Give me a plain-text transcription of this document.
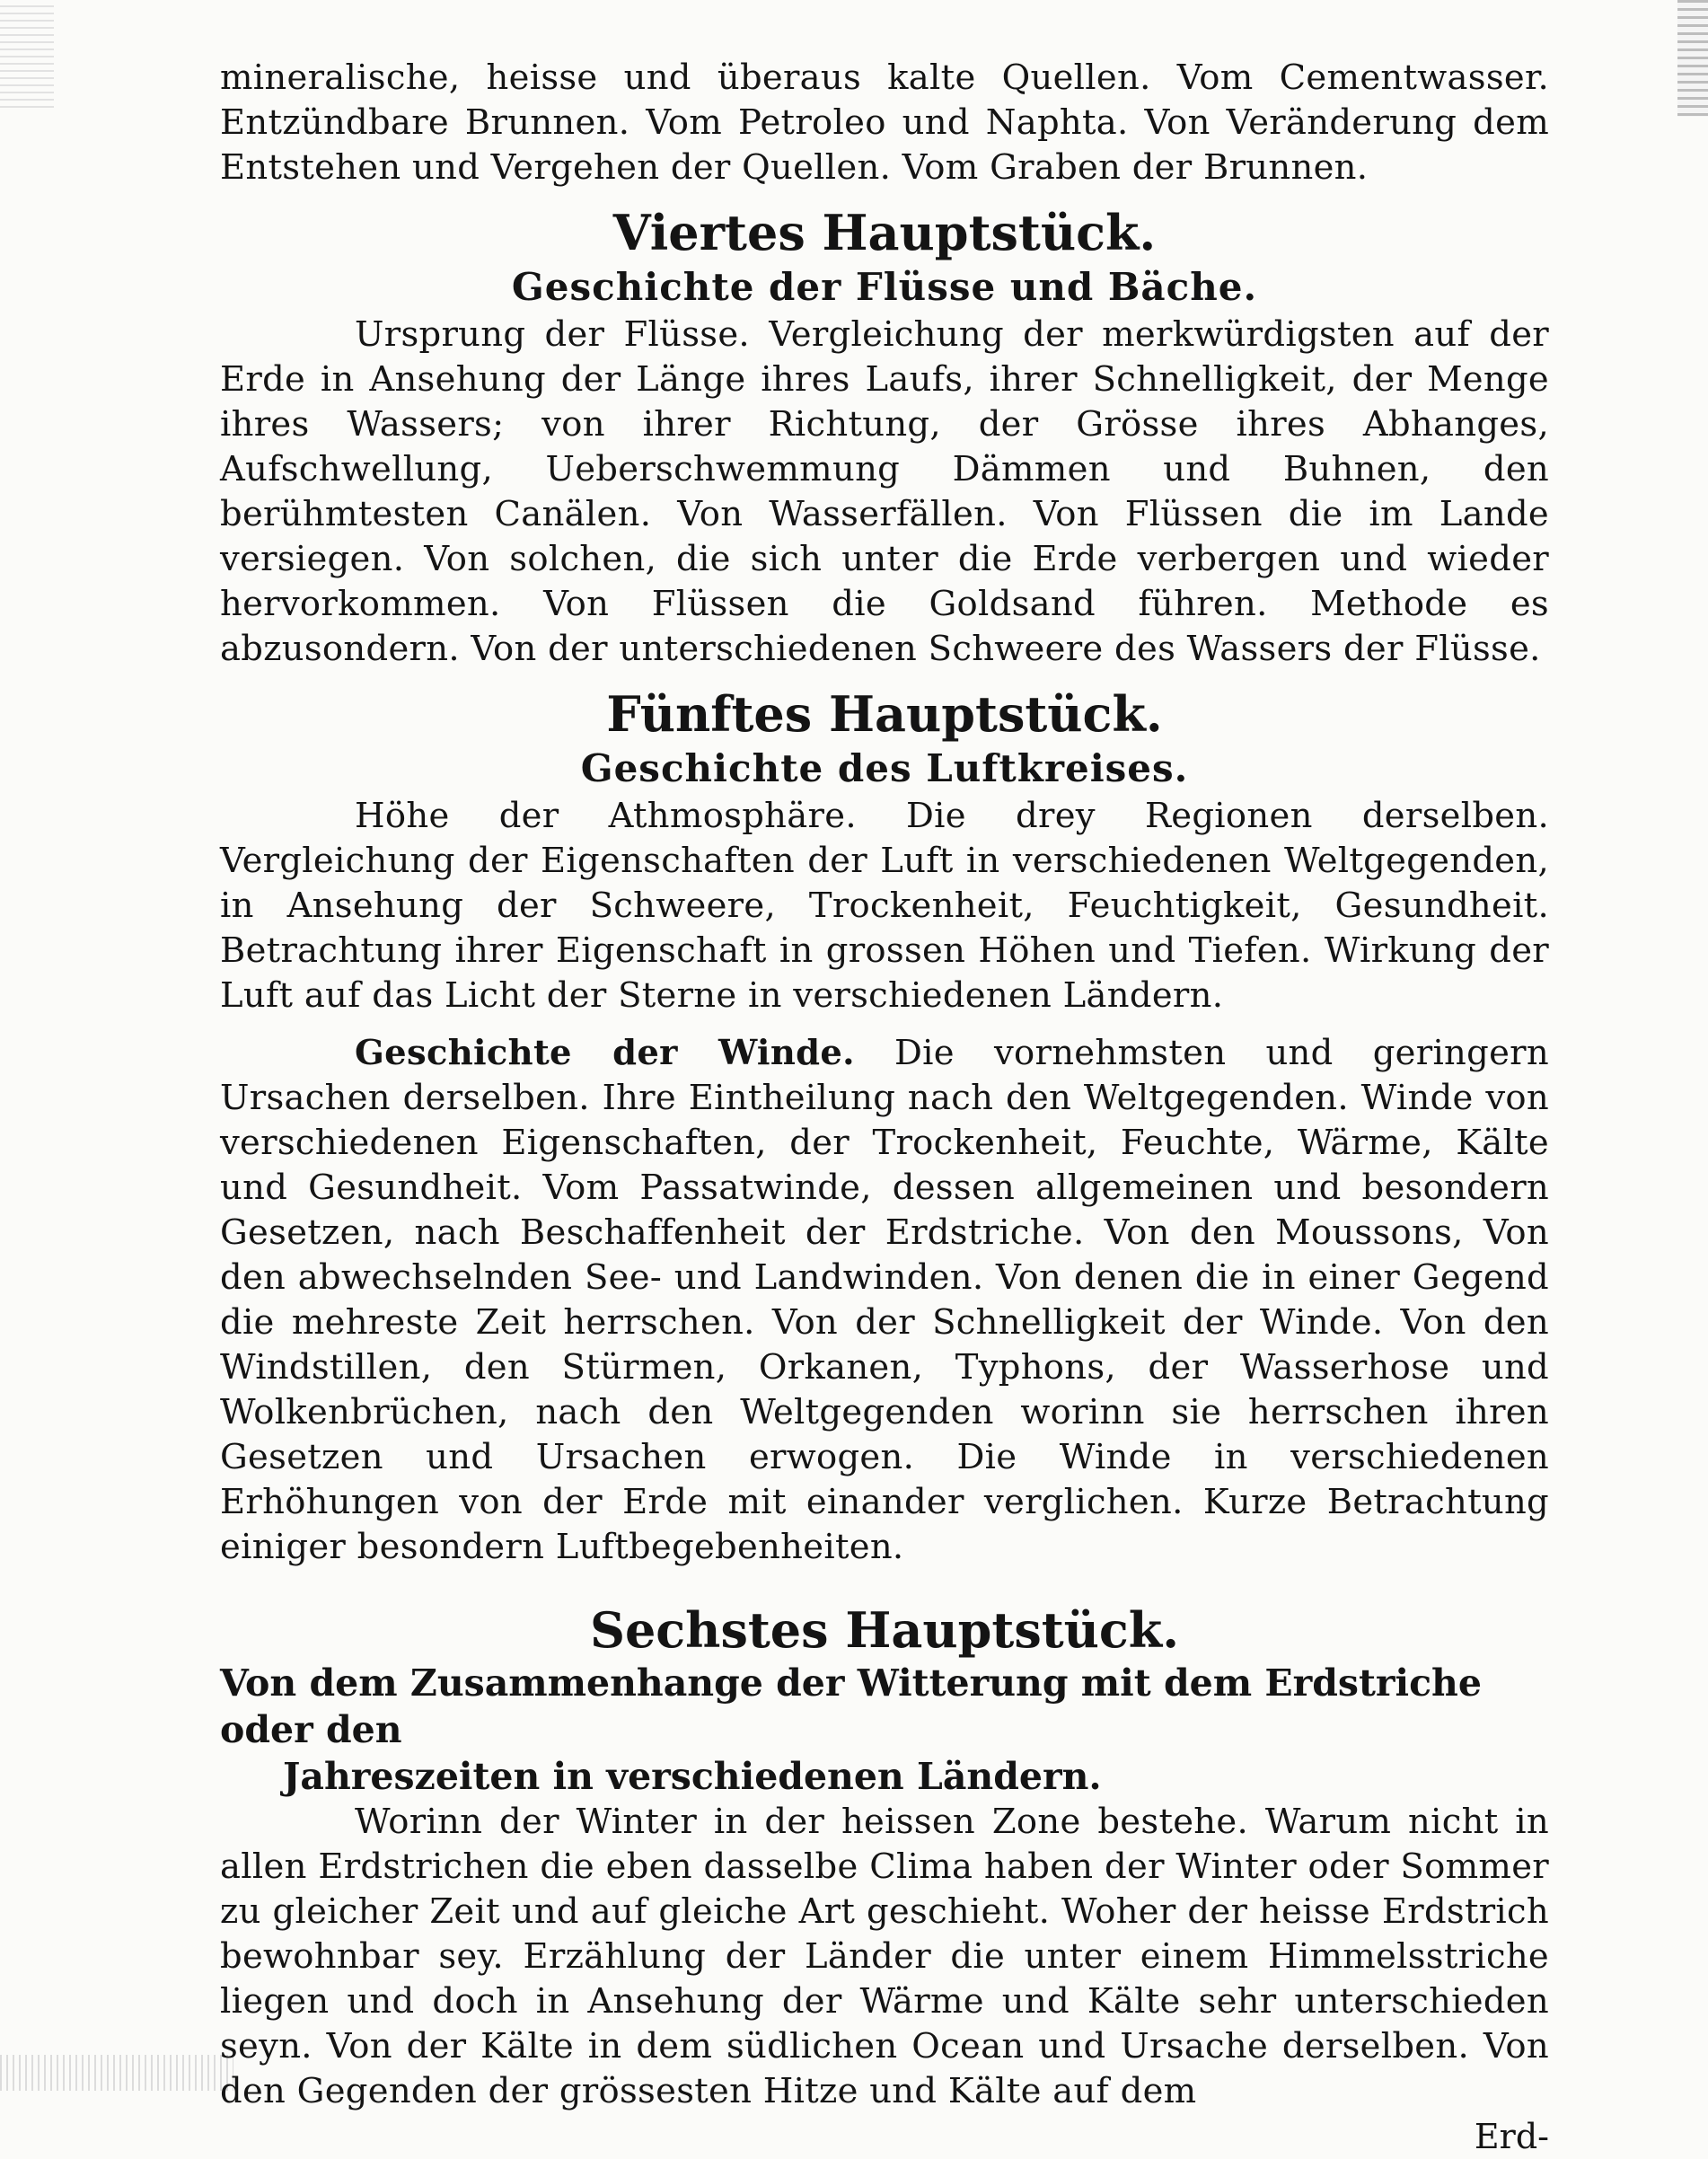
mineralische, heisse und überaus kalte Quellen. Vom Cementwasser. Entzündbare Brunnen. Vom Petroleo und Naphta. Von Veränderung dem Entstehen und Vergehen der Quellen. Vom Graben der Brunnen.

Viertes Hauptstück.
Geschichte der Flüsse und Bäche.

Ursprung der Flüsse. Vergleichung der merkwürdigsten auf der Erde in Ansehung der Länge ihres Laufs, ihrer Schnelligkeit, der Menge ihres Wassers; von ihrer Richtung, der Grösse ihres Abhanges, Aufschwellung, Ueberschwemmung Dämmen und Buhnen, den berühmtesten Canälen. Von Wasserfällen. Von Flüssen die im Lande versiegen. Von solchen, die sich unter die Erde verbergen und wieder hervorkommen. Von Flüssen die Goldsand führen. Methode es abzusondern. Von der unterschiedenen Schweere des Wassers der Flüsse.

Fünftes Hauptstück.
Geschichte des Luftkreises.

Höhe der Athmosphäre. Die drey Regionen derselben. Vergleichung der Eigenschaften der Luft in verschiedenen Weltgegenden, in Ansehung der Schweere, Trockenheit, Feuchtigkeit, Gesundheit. Betrachtung ihrer Eigenschaft in grossen Höhen und Tiefen. Wirkung der Luft auf das Licht der Sterne in verschiedenen Ländern.

Geschichte der Winde. Die vornehmsten und geringern Ursachen derselben. Ihre Eintheilung nach den Weltgegenden. Winde von verschiedenen Eigenschaften, der Trockenheit, Feuchte, Wärme, Kälte und Gesundheit. Vom Passatwinde, dessen allgemeinen und besondern Gesetzen, nach Beschaffenheit der Erdstriche. Von den Moussons, Von den abwechselnden See- und Landwinden. Von denen die in einer Gegend die mehreste Zeit herrschen. Von der Schnelligkeit der Winde. Von den Windstillen, den Stürmen, Orkanen, Typhons, der Wasserhose und Wolkenbrüchen, nach den Weltgegenden worinn sie herrschen ihren Gesetzen und Ursachen erwogen. Die Winde in verschiedenen Erhöhungen von der Erde mit einander verglichen. Kurze Betrachtung einiger besondern Luftbegebenheiten.

Sechstes Hauptstück.
Von dem Zusammenhange der Witterung mit dem Erdstriche oder den
Jahreszeiten in verschiedenen Ländern.

Worinn der Winter in der heissen Zone bestehe. Warum nicht in allen Erdstrichen die eben dasselbe Clima haben der Winter oder Sommer zu gleicher Zeit und auf gleiche Art geschieht. Woher der heisse Erdstrich bewohnbar sey. Erzählung der Länder die unter einem Himmelsstriche liegen und doch in Ansehung der Wärme und Kälte sehr unterschieden seyn. Von der Kälte in dem südlichen Ocean und Ursache derselben. Von den Gegenden der grössesten Hitze und Kälte auf dem

Erd-
